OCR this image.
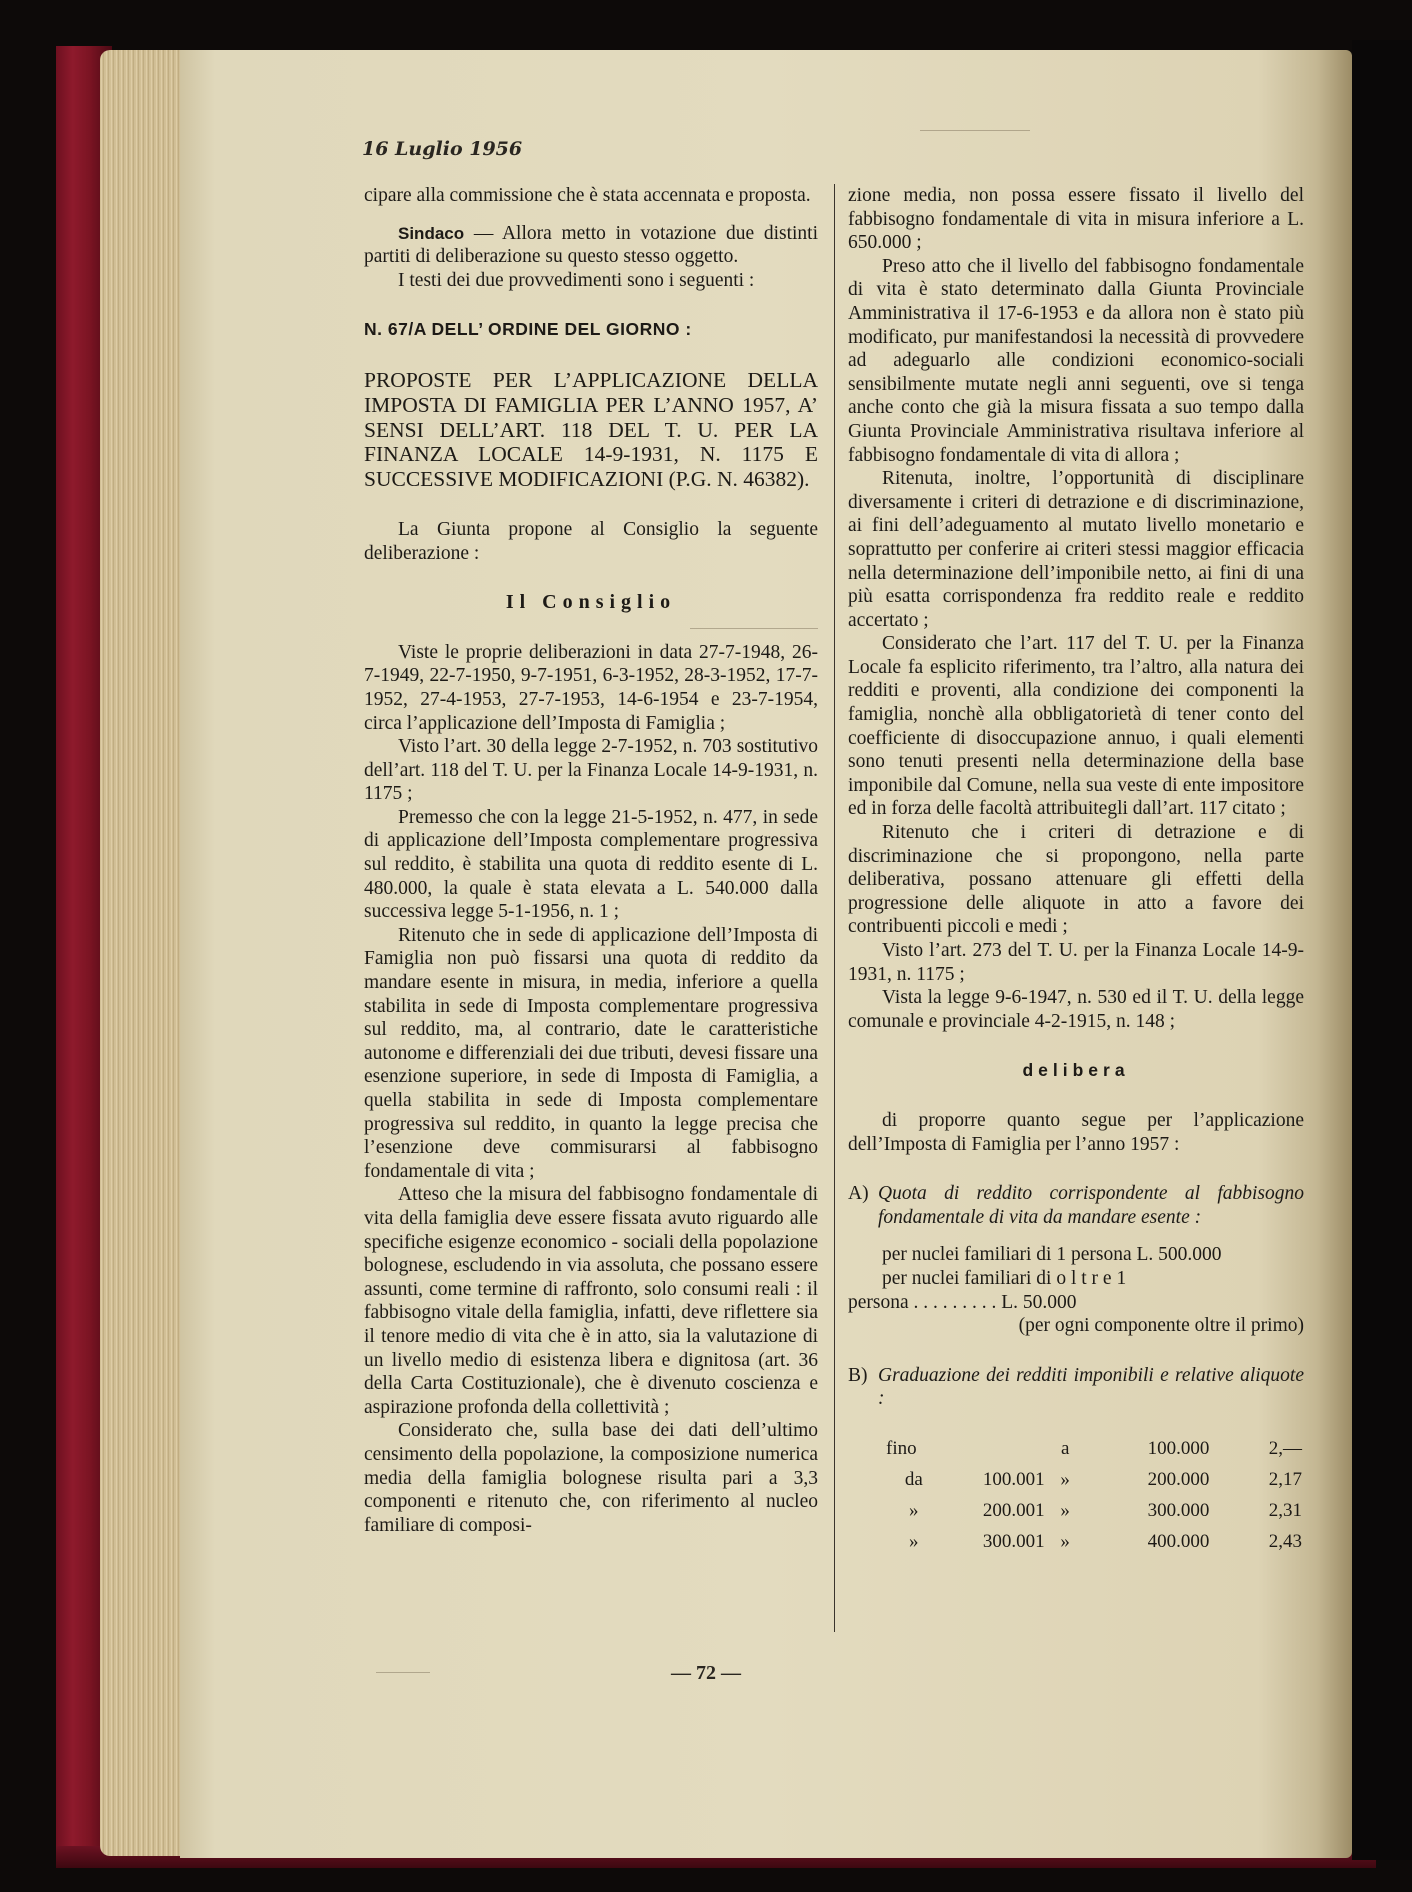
16 Luglio 1956

cipare alla commissione che è stata accennata e proposta.

Sindaco — Allora metto in votazione due distinti partiti di deliberazione su questo stesso oggetto.

I testi dei due provvedimenti sono i seguenti :

N. 67/A DELL’ ORDINE DEL GIORNO :

PROPOSTE PER L’APPLICAZIONE DELLA IMPOSTA DI FAMIGLIA PER L’ANNO 1957, A’ SENSI DELL’ART. 118 DEL T. U. PER LA FINANZA LOCALE 14-9-1931, N. 1175 E SUCCESSIVE MODIFICAZIONI (P.G. N. 46382).

La Giunta propone al Consiglio la seguente deliberazione :

Il Consiglio

Viste le proprie deliberazioni in data 27-7-1948, 26-7-1949, 22-7-1950, 9-7-1951, 6-3-1952, 28-3-1952, 17-7-1952, 27-4-1953, 27-7-1953, 14-6-1954 e 23-7-1954, circa l’applicazione dell’Imposta di Famiglia ;

Visto l’art. 30 della legge 2-7-1952, n. 703 sostitutivo dell’art. 118 del T. U. per la Finanza Locale 14-9-1931, n. 1175 ;

Premesso che con la legge 21-5-1952, n. 477, in sede di applicazione dell’Imposta complementare progressiva sul reddito, è stabilita una quota di reddito esente di L. 480.000, la quale è stata elevata a L. 540.000 dalla successiva legge 5-1-1956, n. 1 ;

Ritenuto che in sede di applicazione dell’Imposta di Famiglia non può fissarsi una quota di reddito da mandare esente in misura, in media, inferiore a quella stabilita in sede di Imposta complementare progressiva sul reddito, ma, al contrario, date le caratteristiche autonome e differenziali dei due tributi, devesi fissare una esenzione superiore, in sede di Imposta di Famiglia, a quella stabilita in sede di Imposta complementare progressiva sul reddito, in quanto la legge precisa che l’esenzione deve commisurarsi al fabbisogno fondamentale di vita ;

Atteso che la misura del fabbisogno fondamentale di vita della famiglia deve essere fissata avuto riguardo alle specifiche esigenze economico - sociali della popolazione bolognese, escludendo in via assoluta, che possano essere assunti, come termine di raffronto, solo consumi reali : il fabbisogno vitale della famiglia, infatti, deve riflettere sia il tenore medio di vita che è in atto, sia la valutazione di un livello medio di esistenza libera e dignitosa (art. 36 della Carta Costituzionale), che è divenuto coscienza e aspirazione profonda della collettività ;

Considerato che, sulla base dei dati dell’ultimo censimento della popolazione, la composizione numerica media della famiglia bolognese risulta pari a 3,3 componenti e ritenuto che, con riferimento al nucleo familiare di composi-

zione media, non possa essere fissato il livello del fabbisogno fondamentale di vita in misura inferiore a L. 650.000 ;

Preso atto che il livello del fabbisogno fondamentale di vita è stato determinato dalla Giunta Provinciale Amministrativa il 17-6-1953 e da allora non è stato più modificato, pur manifestandosi la necessità di provvedere ad adeguarlo alle condizioni economico-sociali sensibilmente mutate negli anni seguenti, ove si tenga anche conto che già la misura fissata a suo tempo dalla Giunta Provinciale Amministrativa risultava inferiore al fabbisogno fondamentale di vita di allora ;

Ritenuta, inoltre, l’opportunità di disciplinare diversamente i criteri di detrazione e di discriminazione, ai fini dell’adeguamento al mutato livello monetario e soprattutto per conferire ai criteri stessi maggior efficacia nella determinazione dell’imponibile netto, ai fini di una più esatta corrispondenza fra reddito reale e reddito accertato ;

Considerato che l’art. 117 del T. U. per la Finanza Locale fa esplicito riferimento, tra l’altro, alla natura dei redditi e proventi, alla condizione dei componenti la famiglia, nonchè alla obbligatorietà di tener conto del coefficiente di disoccupazione annuo, i quali elementi sono tenuti presenti nella determinazione della base imponibile dal Comune, nella sua veste di ente impositore ed in forza delle facoltà attribuitegli dall’art. 117 citato ;

Ritenuto che i criteri di detrazione e di discriminazione che si propongono, nella parte deliberativa, possano attenuare gli effetti della progressione delle aliquote in atto a favore dei contribuenti piccoli e medi ;

Visto l’art. 273 del T. U. per la Finanza Locale 14-9-1931, n. 1175 ;

Vista la legge 9-6-1947, n. 530 ed il T. U. della legge comunale e provinciale 4-2-1915, n. 148 ;

delibera

di proporre quanto segue per l’applicazione dell’Imposta di Famiglia per l’anno 1957 :

A) Quota di reddito corrispondente al fabbisogno fondamentale di vita da mandare esente :

per nuclei familiari di 1 persona L. 500.000

per nuclei familiari di o l t r e 1

persona . . . . . . . . . L. 50.000

(per ogni componente oltre il primo)

B) Graduazione dei redditi imponibili e relative aliquote :
fino		a	100.000	2,—
da	100.001	»	200.000	2,17
»	200.001	»	300.000	2,31
»	300.001	»	400.000	2,43
— 72 —
